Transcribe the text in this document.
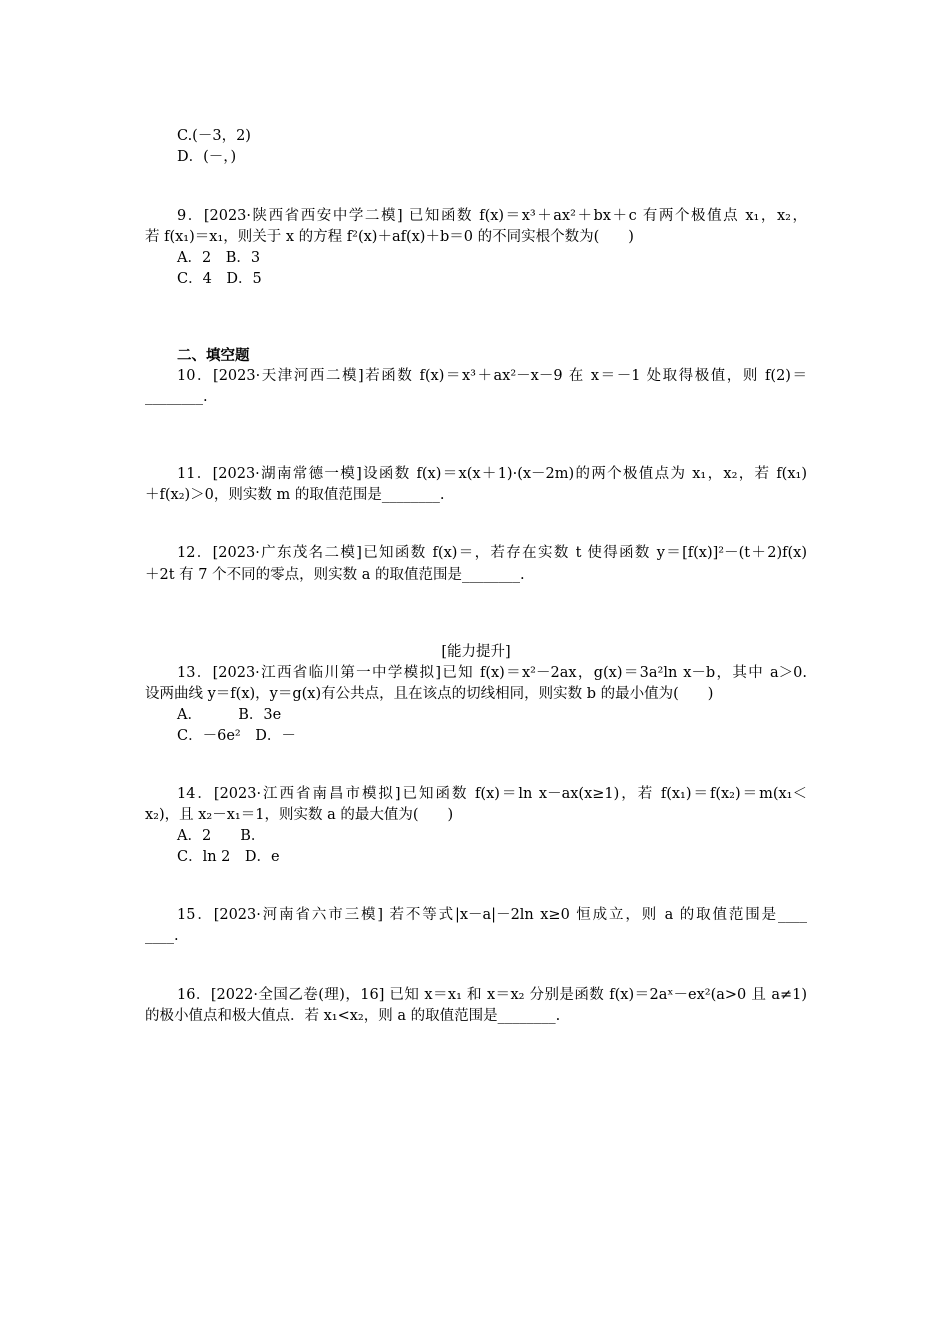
C.(－3，2)
D．(－，)
9．[2023·陕西省西安中学二模] 已知函数 f(x)＝x³＋ax²＋bx＋c 有两个极值点 x₁，x₂，
若 f(x₁)＝x₁，则关于 x 的方程 f²(x)＋af(x)＋b＝0 的不同实根个数为(　　)
A．2　B．3
C．4　D．5
二、填空题
10．[2023·天津河西二模]若函数 f(x)＝x³＋ax²－x－9 在 x＝－1 处取得极值，则 f(2)＝
________.
11．[2023·湖南常德一模]设函数 f(x)＝x(x＋1)·(x－2m)的两个极值点为 x₁，x₂，若 f(x₁)
＋f(x₂)＞0，则实数 m 的取值范围是________.
12．[2023·广东茂名二模]已知函数 f(x)＝，若存在实数 t 使得函数 y＝[f(x)]²－(t＋2)f(x)
＋2t 有 7 个不同的零点，则实数 a 的取值范围是________.
[能力提升]
13．[2023·江西省临川第一中学模拟]已知 f(x)＝x²－2ax，g(x)＝3a²ln x－b，其中 a＞0.
设两曲线 y＝f(x)，y＝g(x)有公共点，且在该点的切线相同，则实数 b 的最小值为(　　)
A．　　　B．3e
C．－6e²　D．－
14．[2023·江西省南昌市模拟]已知函数 f(x)＝ln x－ax(x≥1)，若 f(x₁)＝f(x₂)＝m(x₁＜
x₂)，且 x₂－x₁＝1，则实数 a 的最大值为(　　)
A．2　　B．
C．ln 2　D．e
15．[2023·河南省六市三模] 若不等式|x－a|－2ln x≥0 恒成立，则 a 的取值范围是____
____.
16．[2022·全国乙卷(理)，16] 已知 x＝x₁ 和 x＝x₂ 分别是函数 f(x)＝2aˣ－ex²(a>0 且 a≠1)
的极小值点和极大值点．若 x₁<x₂，则 a 的取值范围是________.
